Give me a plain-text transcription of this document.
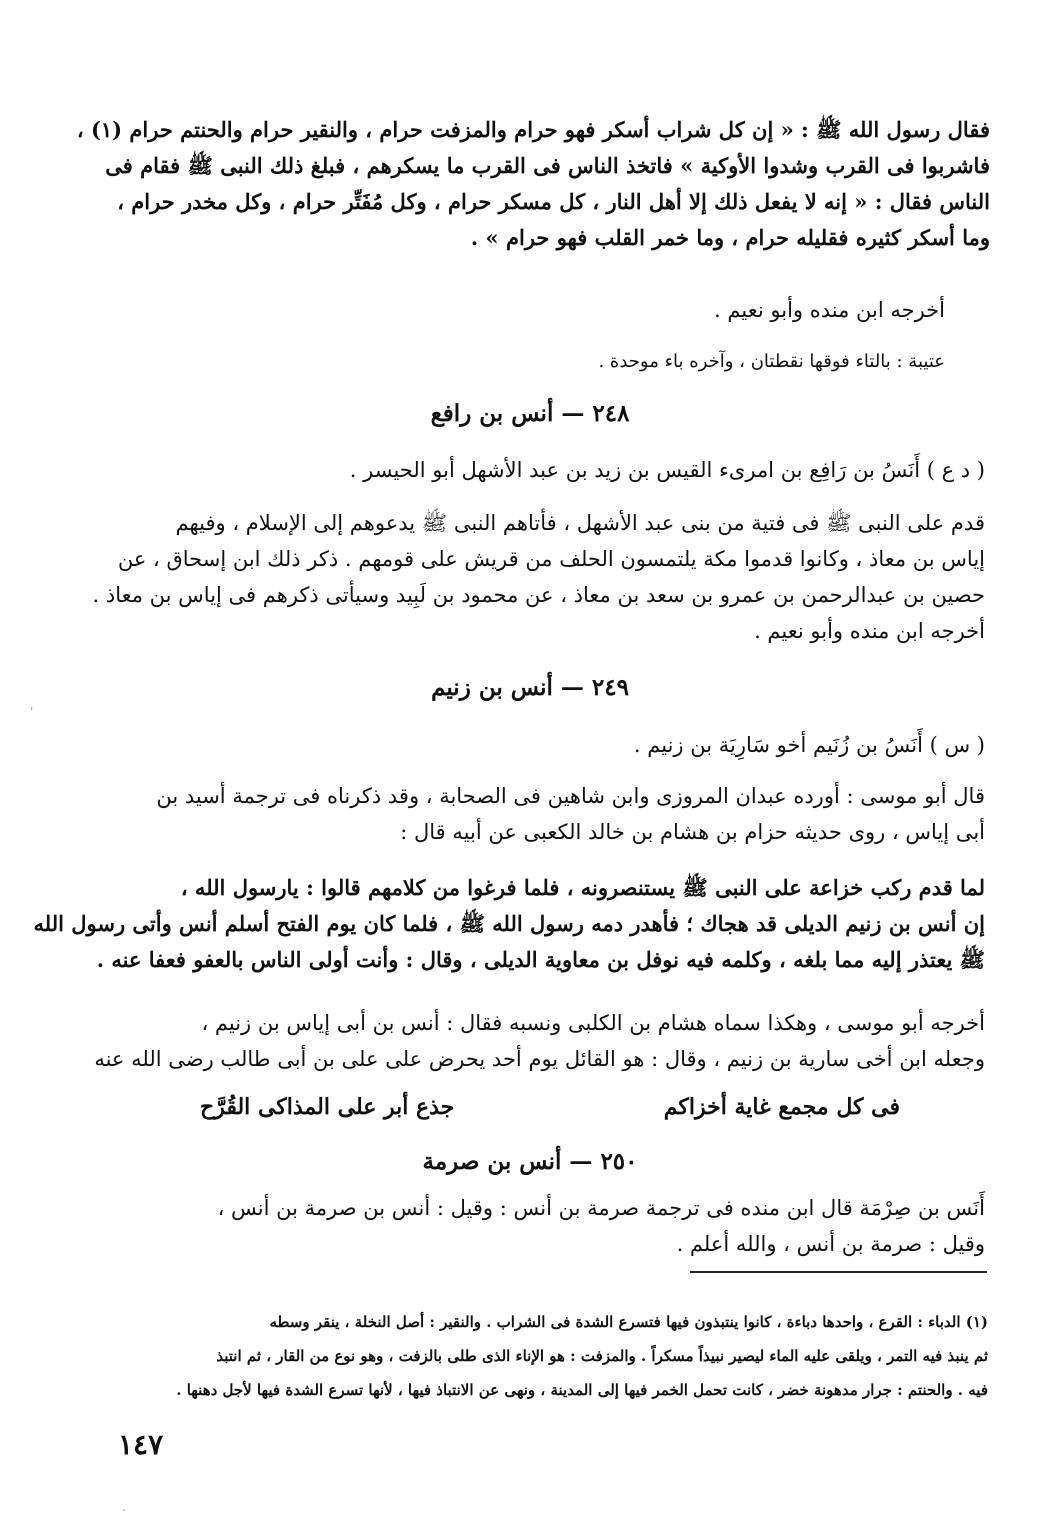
فقال رسول الله ﷺ : « إن كل شراب أسكر فهو حرام والمزفت حرام ، والنقير حرام والحنتم حرام (١) ،
فاشربوا فى القرب وشدوا الأوكية » فاتخذ الناس فى القرب ما يسكرهم ، فبلغ ذلك النبى ﷺ فقام فى
الناس فقال : « إنه لا يفعل ذلك إلا أهل النار ، كل مسكر حرام ، وكل مُفَتِّر حرام ، وكل مخدر حرام ،
وما أسكر كثيره فقليله حرام ، وما خمر القلب فهو حرام » .
أخرجه ابن منده وأبو نعيم .
عتيبة : بالتاء فوقها نقطتان ، وآخره باء موحدة .
٢٤٨ — أنس بن رافع
( د ع ) أَنَسُ بن رَافِع بن امرىء القيس بن زيد بن عبد الأشهل أبو الحيسر .
قدم على النبى ﷺ فى فتية من بنى عبد الأشهل ، فأتاهم النبى ﷺ يدعوهم إلى الإسلام ، وفيهم
إياس بن معاذ ، وكانوا قدموا مكة يلتمسون الحلف من قريش على قومهم . ذكر ذلك ابن إسحاق ، عن
حصين بن عبدالرحمن بن عمرو بن سعد بن معاذ ، عن محمود بن لَبِيد وسيأتى ذكرهم فى إياس بن معاذ .
أخرجه ابن منده وأبو نعيم .
٢٤٩ — أنس بن زنيم
( س ) أَنَسُ بن زُنَيم أخو سَارِيَة بن زنيم .
قال أبو موسى : أورده عبدان المروزى وابن شاهين فى الصحابة ، وقد ذكرناه فى ترجمة أسيد بن
أبى إياس ، روى حديثه حزام بن هشام بن خالد الكعبى عن أبيه قال :
لما قدم ركب خزاعة على النبى ﷺ يستنصرونه ، فلما فرغوا من كلامهم قالوا : يارسول الله ،
إن أنس بن زنيم الديلى قد هجاك ؛ فأهدر دمه رسول الله ﷺ ، فلما كان يوم الفتح أسلم أنس وأتى رسول الله
ﷺ يعتذر إليه مما بلغه ، وكلمه فيه نوفل بن معاوية الديلى ، وقال : وأنت أولى الناس بالعفو فعفا عنه .
أخرجه أبو موسى ، وهكذا سماه هشام بن الكلبى ونسبه فقال : أنس بن أبى إياس بن زنيم ،
وجعله ابن أخى سارية بن زنيم ، وقال : هو القائل يوم أحد يحرض على على بن أبى طالب رضى الله عنه
فى كل مجمع غاية أخزاكم
جذع أبر على المذاكى القُرَّح
٢٥٠ — أنس بن صرمة
أَنَس بن صِرْمَة قال ابن منده فى ترجمة صرمة بن أنس : وقيل : أنس بن صرمة بن أنس ،
وقيل : صرمة بن أنس ، والله أعلم .
(١) الدباء : القرع ، واحدها دباءة ، كانوا ينتبذون فيها فتسرع الشدة فى الشراب . والنقير : أصل النخلة ، ينقر وسطه
ثم ينبذ فيه التمر ، ويلقى عليه الماء ليصير نبيذاً مسكراً . والمزفت : هو الإناء الذى طلى بالزفت ، وهو نوع من القار ، ثم انتبذ
فيه . والحنتم : جرار مدهونة خضر ، كانت تحمل الخمر فيها إلى المدينة ، ونهى عن الانتباذ فيها ، لأنها تسرع الشدة فيها لأجل دهنها .
١٤٧
'
.
